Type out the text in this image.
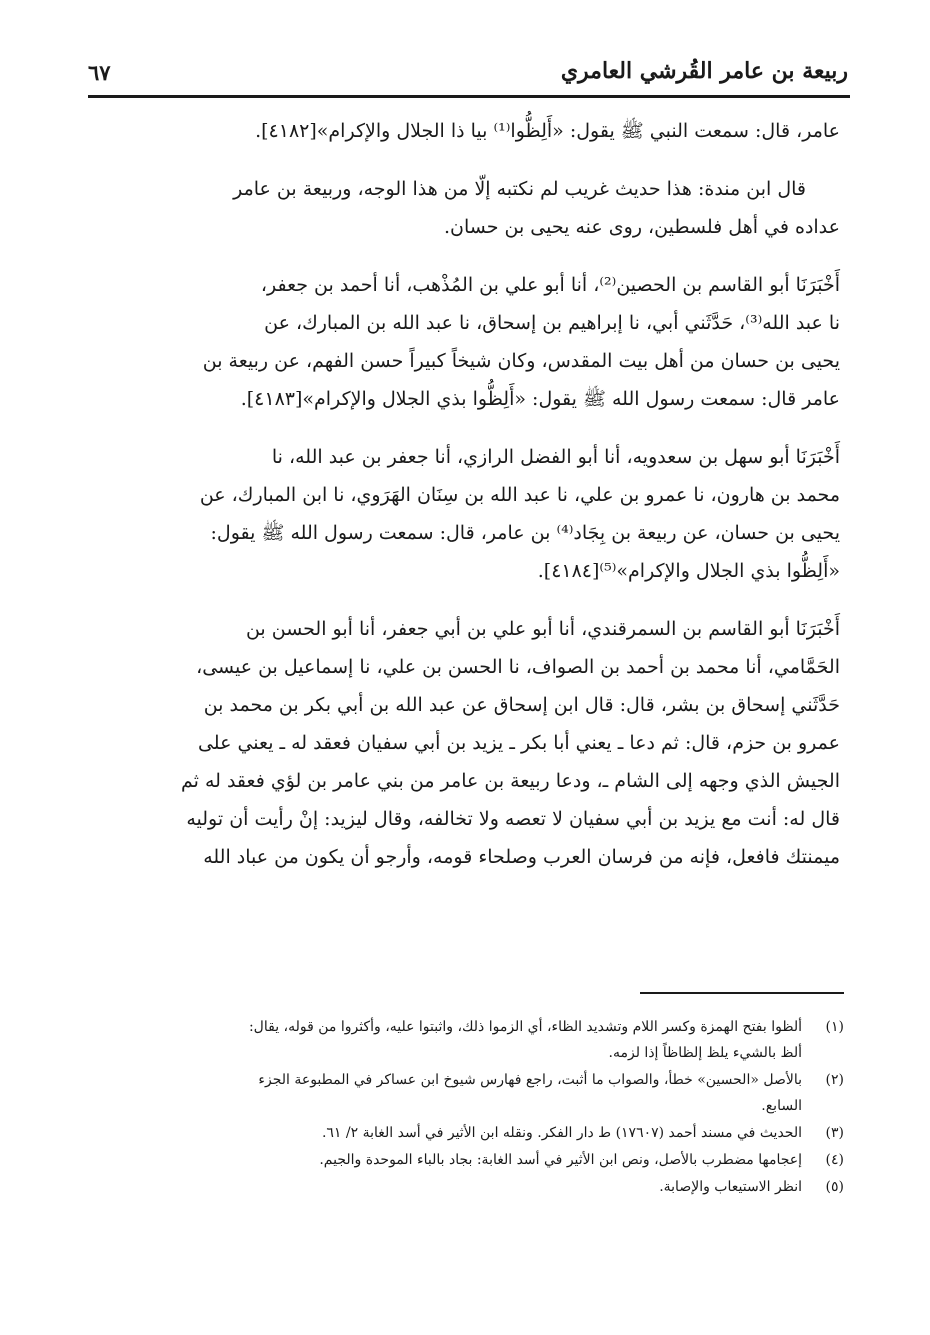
ربيعة بن عامر القُرشي العامري
٦٧

عامر، قال: سمعت النبي ﷺ يقول: «أَلِظُّوا⁽¹⁾ بيا ذا الجلال والإكرام»[٤١٨٢].

قال ابن مندة: هذا حديث غريب لم نكتبه إلّا من هذا الوجه، وربيعة بن عامر

عداده في أهل فلسطين، روى عنه يحيى بن حسان.

أَخْبَرَنَا أبو القاسم بن الحصين⁽²⁾، أنا أبو علي بن المُذْهب، أنا أحمد بن جعفر،

نا عبد الله⁽³⁾، حَدَّثَني أبي، نا إبراهيم بن إسحاق، نا عبد الله بن المبارك، عن

يحيى بن حسان من أهل بيت المقدس، وكان شيخاً كبيراً حسن الفهم، عن ربيعة بن

عامر قال: سمعت رسول الله ﷺ يقول: «أَلِظُّوا بذي الجلال والإكرام»[٤١٨٣].

أَخْبَرَنَا أبو سهل بن سعدويه، أنا أبو الفضل الرازي، أنا جعفر بن عبد الله، نا

محمد بن هارون، نا عمرو بن علي، نا عبد الله بن سِنَان الهَرَوي، نا ابن المبارك، عن

يحيى بن حسان، عن ربيعة بن بِجَاد⁽⁴⁾ بن عامر، قال: سمعت رسول الله ﷺ يقول:

«أَلِظُّوا بذي الجلال والإكرام»⁽⁵⁾[٤١٨٤].

أَخْبَرَنَا أبو القاسم بن السمرقندي، أنا أبو علي بن أبي جعفر، أنا أبو الحسن بن

الحَمَّامي، أنا محمد بن أحمد بن الصواف، نا الحسن بن علي، نا إسماعيل بن عيسى،

حَدَّثَني إسحاق بن بشر، قال: قال ابن إسحاق عن عبد الله بن أبي بكر بن محمد بن

عمرو بن حزم، قال: ثم دعا ـ يعني أبا بكر ـ يزيد بن أبي سفيان فعقد له ـ يعني على

الجيش الذي وجهه إلى الشام ـ، ودعا ربيعة بن عامر من بني عامر بن لؤي فعقد له ثم

قال له: أنت مع يزيد بن أبي سفيان لا تعصه ولا تخالفه، وقال ليزيد: إنْ رأيت أن توليه

ميمنتك فافعل، فإنه من فرسان العرب وصلحاء قومه، وأرجو أن يكون من عباد الله

(١)
ألظوا بفتح الهمزة وكسر اللام وتشديد الظاء، أي الزموا ذلك، واثبتوا عليه، وأكثروا من قوله، يقال:
ألظ بالشيء يلظ إلظاظاً إذا لزمه.
(٢)
بالأصل «الحسين» خطأ، والصواب ما أثبت، راجع فهارس شيوخ ابن عساكر في المطبوعة الجزء
السابع.
(٣)
الحديث في مسند أحمد (١٧٦٠٧) ط دار الفكر. ونقله ابن الأثير في أسد الغابة ٢/ ٦١.
(٤)
إعجامها مضطرب بالأصل، ونص ابن الأثير في أسد الغابة: بجاد بالباء الموحدة والجيم.
(٥)
انظر الاستيعاب والإصابة.
